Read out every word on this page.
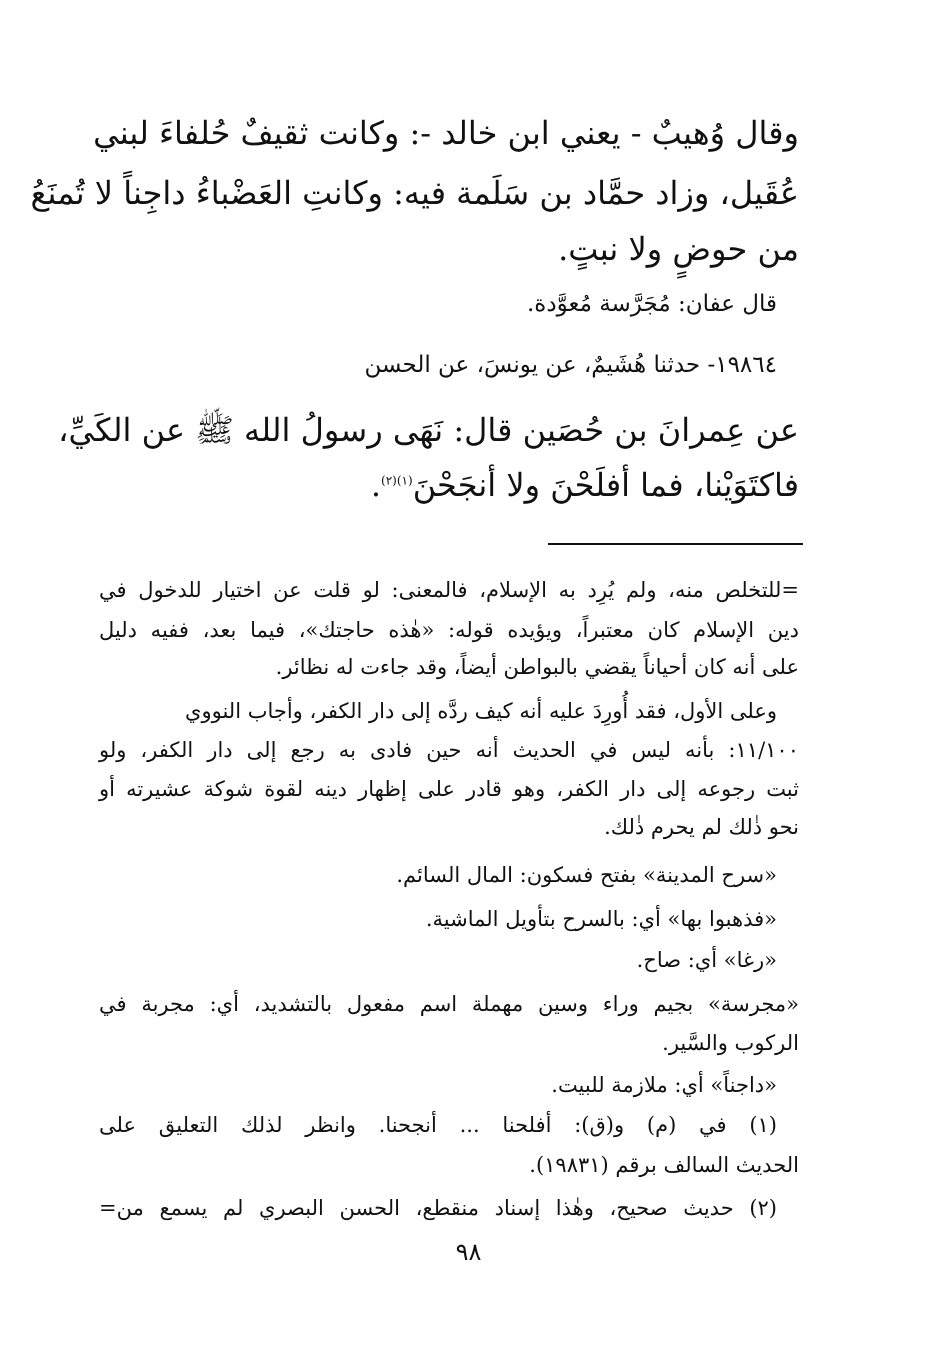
وقال وُهيبٌ - يعني ابن خالد -: وكانت ثقيفٌ حُلفاءَ لبني

عُقَيل، وزاد حمَّاد بن سَلَمة فيه: وكانتِ العَضْباءُ داجِناً لا تُمنَعُ

من حوضٍ ولا نبتٍ.

قال عفان: مُجَرَّسة مُعوَّدة.

١٩٨٦٤- حدثنا هُشَيمٌ، عن يونسَ، عن الحسن

عن عِمرانَ بن حُصَين قال: نَهَى رسولُ الله ﷺ عن الكَيِّ،

فاكتَوَيْنا، فما أفلَحْنَ ولا أنجَحْنَ$^{(١)(٢)}$.

=للتخلص منه، ولم يُرِد به الإسلام، فالمعنى: لو قلت عن اختيار للدخول في

دين الإسلام كان معتبراً، ويؤيده قوله: «هٰذه حاجتك»، فيما بعد، ففيه دليل

على أنه كان أحياناً يقضي بالبواطن أيضاً، وقد جاءت له نظائر.

وعلى الأول، فقد أُورِدَ عليه أنه كيف ردَّه إلى دار الكفر، وأجاب النووي

١١/١٠٠: بأنه ليس في الحديث أنه حين فادى به رجع إلى دار الكفر، ولو

ثبت رجوعه إلى دار الكفر، وهو قادر على إظهار دينه لقوة شوكة عشيرته أو

نحو ذٰلك لم يحرم ذٰلك.

«سرح المدينة» بفتح فسكون: المال السائم.

«فذهبوا بها» أي: بالسرح بتأويل الماشية.

«رغا» أي: صاح.

«مجرسة» بجيم وراء وسين مهملة اسم مفعول بالتشديد، أي: مجربة في

الركوب والسَّير.

«داجناً» أي: ملازمة للبيت.

(١) في (م) و(ق): أفلحنا ... أنجحنا. وانظر لذلك التعليق على

الحديث السالف برقم (١٩٨٣١).

(٢) حديث صحيح، وهٰذا إسناد منقطع، الحسن البصري لم يسمع من=

٩٨
